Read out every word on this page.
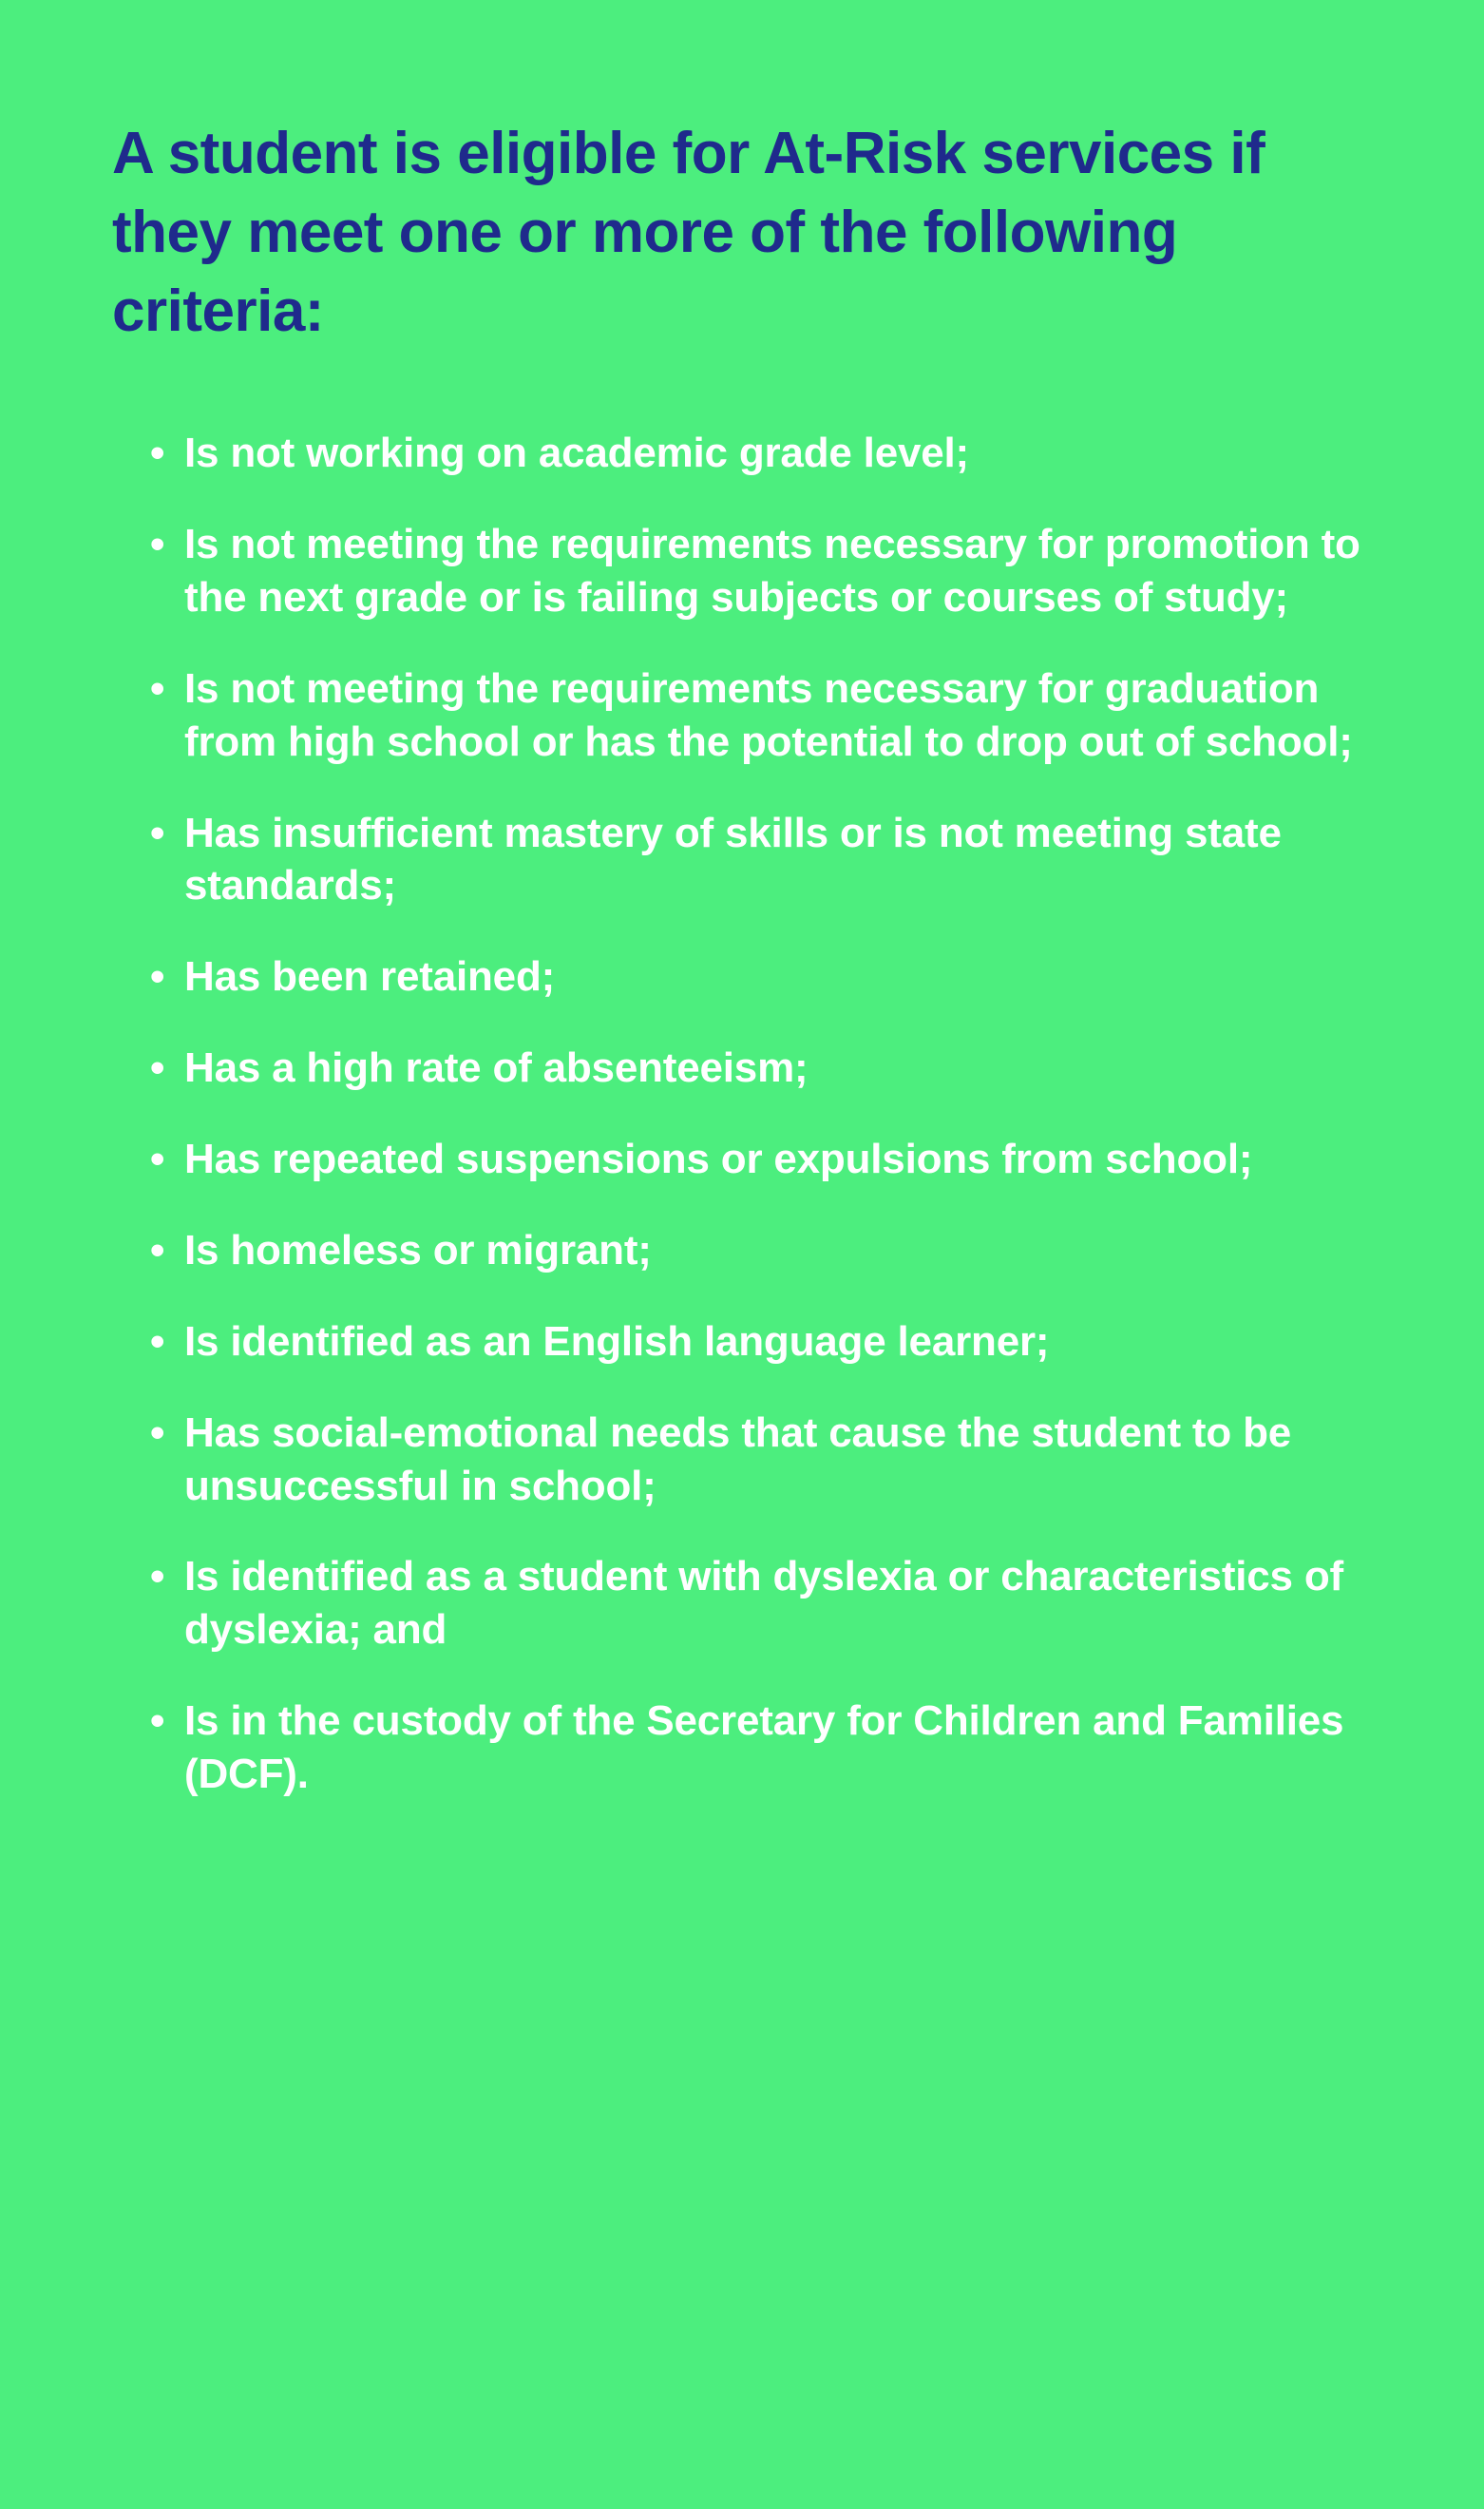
A student is eligible for At-Risk services if they meet one or more of the following criteria:
• Is not working on academic grade level;
• Is not meeting the requirements necessary for promotion to the next grade or is failing subjects or courses of study;
• Is not meeting the requirements necessary for graduation from high school or has the potential to drop out of school;
• Has insufficient mastery of skills or is not meeting state standards;
• Has been retained;
• Has a high rate of absenteeism;
• Has repeated suspensions or expulsions from school;
• Is homeless or migrant;
• Is identified as an English language learner;
• Has social-emotional needs that cause the student to be unsuccessful in school;
• Is identified as a student with dyslexia or characteristics of dyslexia; and
• Is in the custody of the Secretary for Children and Families (DCF).
